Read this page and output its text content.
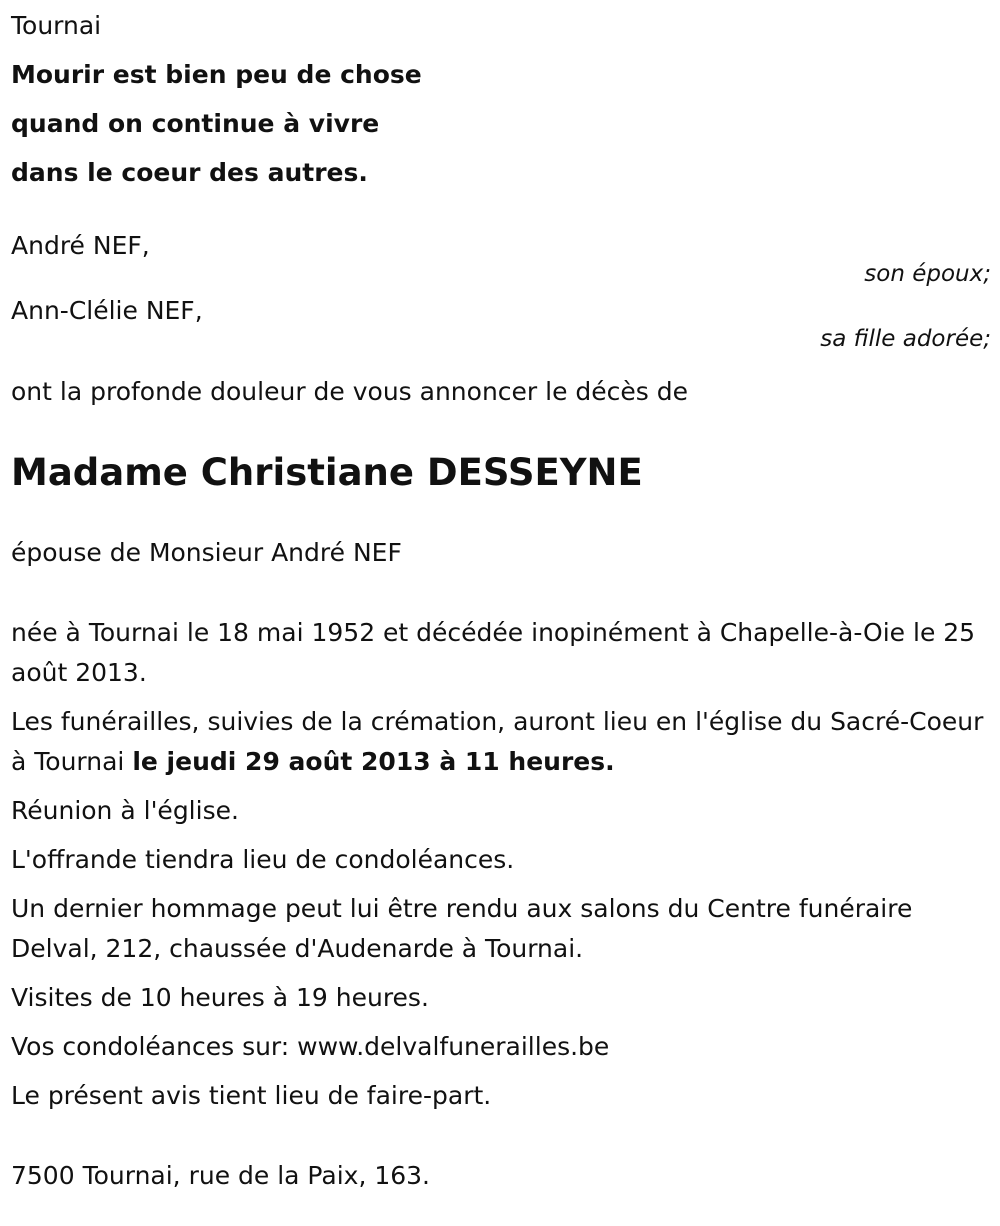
Tournai
Mourir est bien peu de chose
quand on continue à vivre
dans le coeur des autres.
André NEF,
son époux;
Ann-Clélie NEF,
sa fille adorée;
ont la profonde douleur de vous annoncer le décès de
Madame Christiane DESSEYNE
épouse de Monsieur André NEF
née à Tournai le 18 mai 1952 et décédée inopinément à Chapelle-à-Oie le 25 août 2013.
Les funérailles, suivies de la crémation, auront lieu en l'église du Sacré-Coeur à Tournai le jeudi 29 août 2013 à 11 heures.
Réunion à l'église.
L'offrande tiendra lieu de condoléances.
Un dernier hommage peut lui être rendu aux salons du Centre funéraire Delval, 212, chaussée d'Audenarde à Tournai.
Visites de 10 heures à 19 heures.
Vos condoléances sur: www.delvalfunerailles.be
Le présent avis tient lieu de faire-part.
7500 Tournai, rue de la Paix, 163.
